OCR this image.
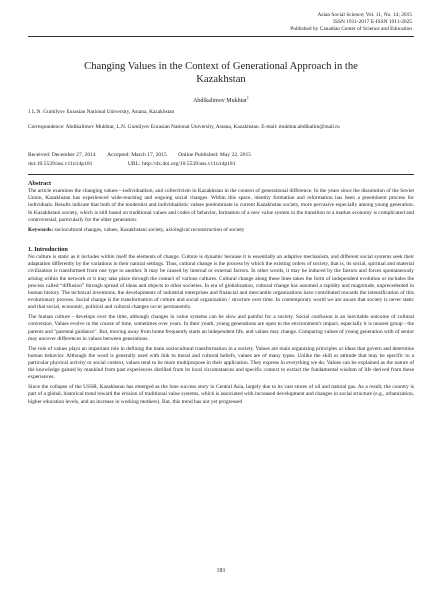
Asian Social Science; Vol. 11, No. 14; 2015
ISSN 1911-2017 E-ISSN 1911-2025
Published by Canadian Center of Science and Education
Changing Values in the Context of Generational Approach in the
Kazakhstan
Abdikalimov Mukhtar$^1$
1 L.N. Gumilyov Eurasian National University, Astana, Kazakhstan
Correspondence: Abdikalimov Mukhtar, L.N. Gumilyov Eurasian National University, Astana, Kazakhstan. E-mail: mukhtar.abdikalim@mail.ru
Received: December 27, 2014 Accepted: March 17, 2015 Online Published: May 22, 2015
doi:10.5539/ass.v11n14p181	URL: http://dx.doi.org/10.5539/ass.v11n14p181
Abstract

The article examines the changing values—individualism, and collectivism in Kazakhstan in the context of generational difference. In the years since the dissolution of the Soviet Union, Kazakhstan has experienced wide-reaching and ongoing social changes. Within this space, identity formation and reformation has been a preeminent process for individuals. Results indicate that both of the modernist and individualistic values predominate in current Kazakhstan society, more pervasive especially among young generation. In Kazakhstani society, which is still based on traditional values and codes of behavior, formation of a new value system in the transition to a market economy is complicated and controversial, particularly for the older generation.

Keywords: sociocultural changes, values, Kazakhstani society, axiological reconstruction of society

1. Introduction

No culture is static as it includes within itself the elements of change. Culture is dynamic because it is essentially an adaptive mechanism, and different social systems seek their adaptation differently by the variations in their natural settings. Thus, cultural change is the process by which the existing orders of society, that is, its social, spiritual and material civilization is transformed from one type to another. It may be caused by internal or external factors. In other words, it may be induced by the factors and forces spontaneously arising within the network or it may take place through the contact of various cultures. Cultural change along these lines takes the form of independent evolution or includes the process called “diffusion” through spread of ideas and objects to other societies. In era of globalization, cultural change has assumed a rapidity and magnitude, unprecedented in human history. The technical inventions, the developments of industrial enterprises and financial and mercantile organizations have contributed towards the intensification of this evolutionary process. Social change is the transformation of culture and social organization / structure over time. In contemporary world we are aware that society is never static and that social, economic, political and cultural changes occur permanently.

The human culture - develops over the time, although changes in value systems can be slow and painful for a society. Social confusion is an inevitable outcome of cultural conversion. Values evolve in the course of time, sometimes over years. In their youth, young generations are open to the environment's impact, especially it is nearest group - the parents and "parental guidance". But, moving away from home frequently starts an independent life, and values may change. Comparing values of young generation with of senior may uncover differences in values between generations.

The role of values plays an important role in defining the main sociocultural transformation in a society. Values are main organizing principles or ideas that govern and determine human behavior. Although the word is generally used with link to moral and cultural beliefs, values are of many types. Unlike the skill or attitude that may be specific to a particular physical activity or social context, values tend to be more multipurpose in their application. They express in everything we do. Values can be explained as the nature of the knowledge gained by mankind from past experiences distilled from its local circumstances and specific context to extract the fundamental wisdom of life derived from these experiences.

Since the collapse of the USSR, Kazakhstan has emerged as the lone success story in Central Asia, largely due to its vast stores of oil and natural gas. As a result, the country is part of a global, historical trend toward the erosion of traditional value systems, which is associated with increased development and changes in social structure (e.g., urbanization, higher education levels, and an increase in working mothers). But, this trend has not yet progressed

181
